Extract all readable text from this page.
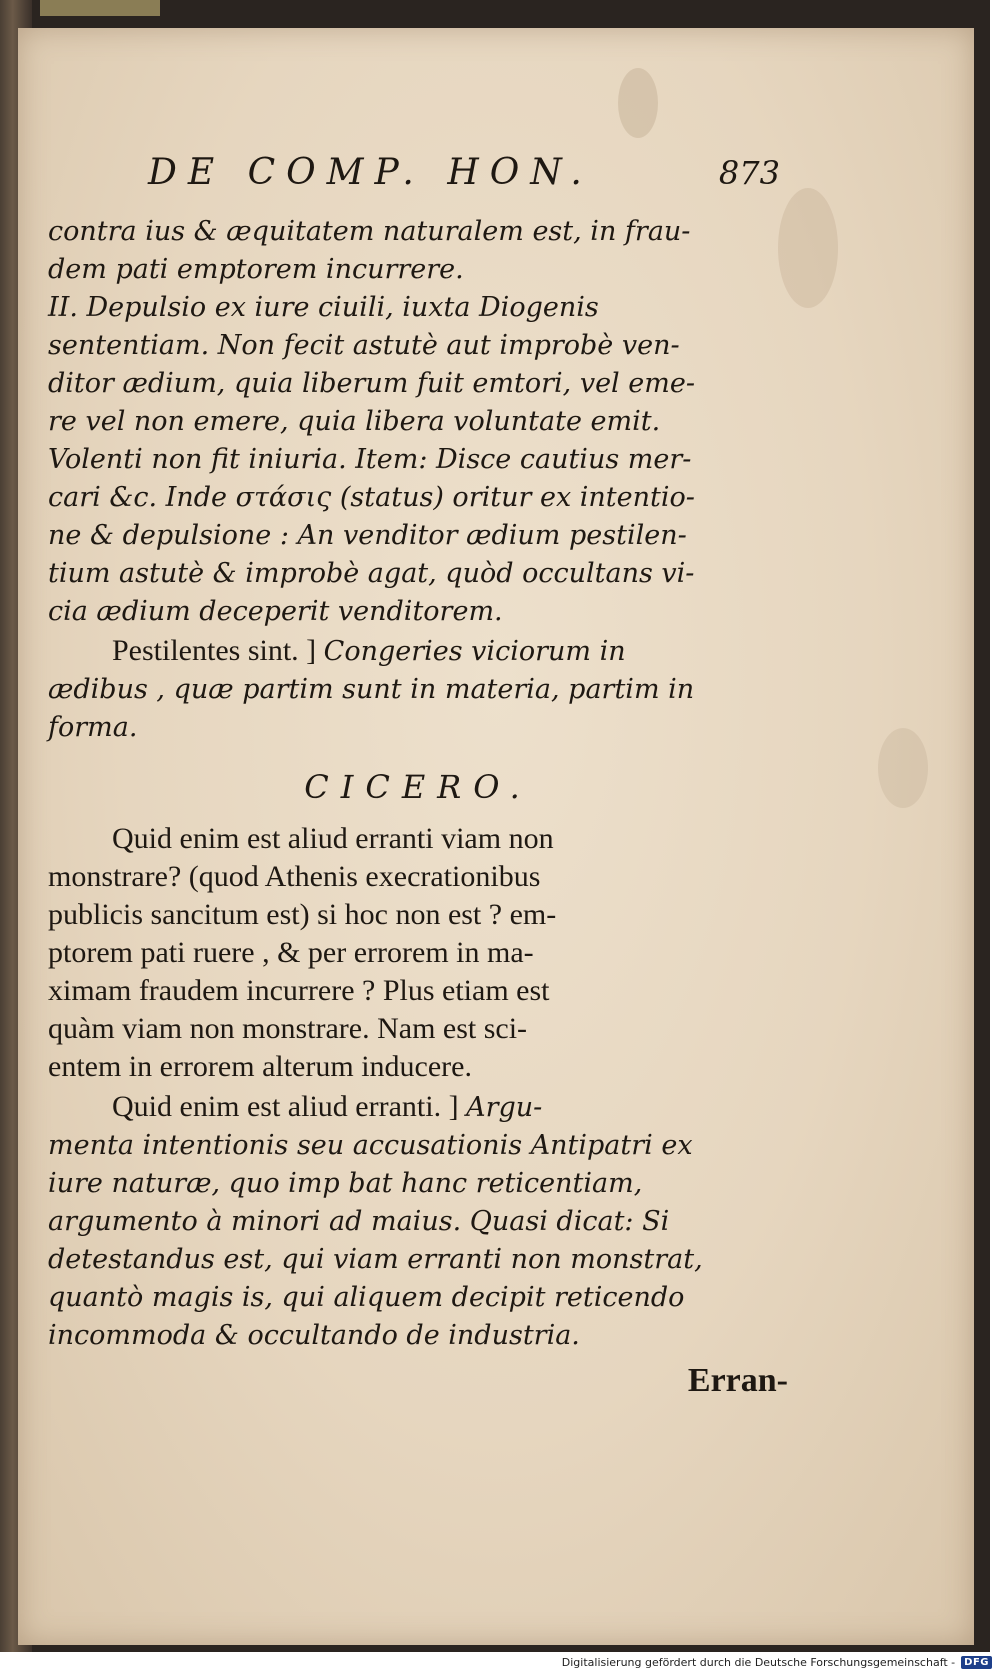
DE COMP. HON.	873
contra ius & æquitatem naturalem est, in frau-
dem pati emptorem incurrere.
II. Depulsio ex iure ciuili, iuxta Diogenis
sententiam. Non fecit astutè aut improbè ven-
ditor ædium, quia liberum fuit emtori, vel eme-
re vel non emere, quia libera voluntate emit.
Volenti non fit iniuria. Item: Disce cautius mer-
cari &c. Inde στάσις (status) oritur ex intentio-
ne & depulsione : An venditor ædium pestilen-
tium astutè & improbè agat, quòd occultans vi-
cia ædium deceperit venditorem.
Pestilentes sint. ] Congeries viciorum in
ædibus , quæ partim sunt in materia, partim in
forma.
CICERO.
Quid enim est aliud erranti viam non
monstrare? (quod Athenis execrationibus
publicis sancitum est) si hoc non est ? em-
ptorem pati ruere , & per errorem in ma-
ximam fraudem incurrere ? Plus etiam est
quàm viam non monstrare. Nam est sci-
entem in errorem alterum inducere.
Quid enim est aliud erranti. ] Argu-
menta intentionis seu accusationis Antipatri ex
iure naturæ, quo imp bat hanc reticentiam,
argumento à minori ad maius. Quasi dicat: Si
detestandus est, qui viam erranti non monstrat,
quantò magis is, qui aliquem decipit reticendo
incommoda & occultando de industria.
Erran-
Digitalisierung gefördert durch die Deutsche Forschungsgemeinschaft - DFG
